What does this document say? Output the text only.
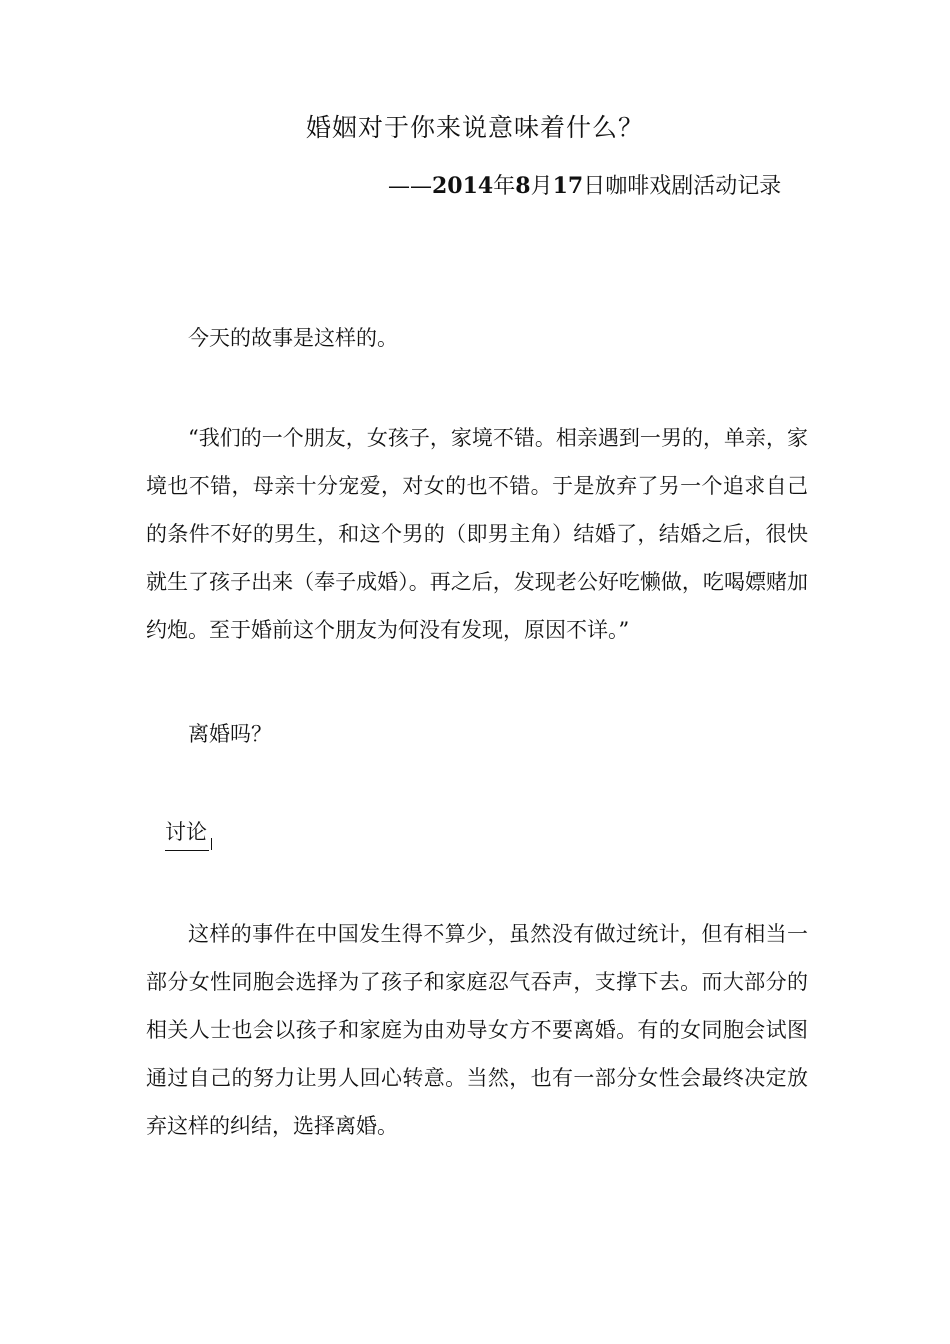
婚姻对于你来说意味着什么？
——2014年8月17日咖啡戏剧活动记录

今天的故事是这样的。

“我们的一个朋友，女孩子，家境不错。相亲遇到一男的，单亲，家境也不错，母亲十分宠爱，对女的也不错。于是放弃了另一个追求自己的条件不好的男生，和这个男的（即男主角）结婚了，结婚之后，很快就生了孩子出来（奉子成婚）。再之后，发现老公好吃懒做，吃喝嫖赌加约炮。至于婚前这个朋友为何没有发现，原因不详。”

离婚吗？

讨论

这样的事件在中国发生得不算少，虽然没有做过统计，但有相当一部分女性同胞会选择为了孩子和家庭忍气吞声，支撑下去。而大部分的相关人士也会以孩子和家庭为由劝导女方不要离婚。有的女同胞会试图通过自己的努力让男人回心转意。当然，也有一部分女性会最终决定放弃这样的纠结，选择离婚。
